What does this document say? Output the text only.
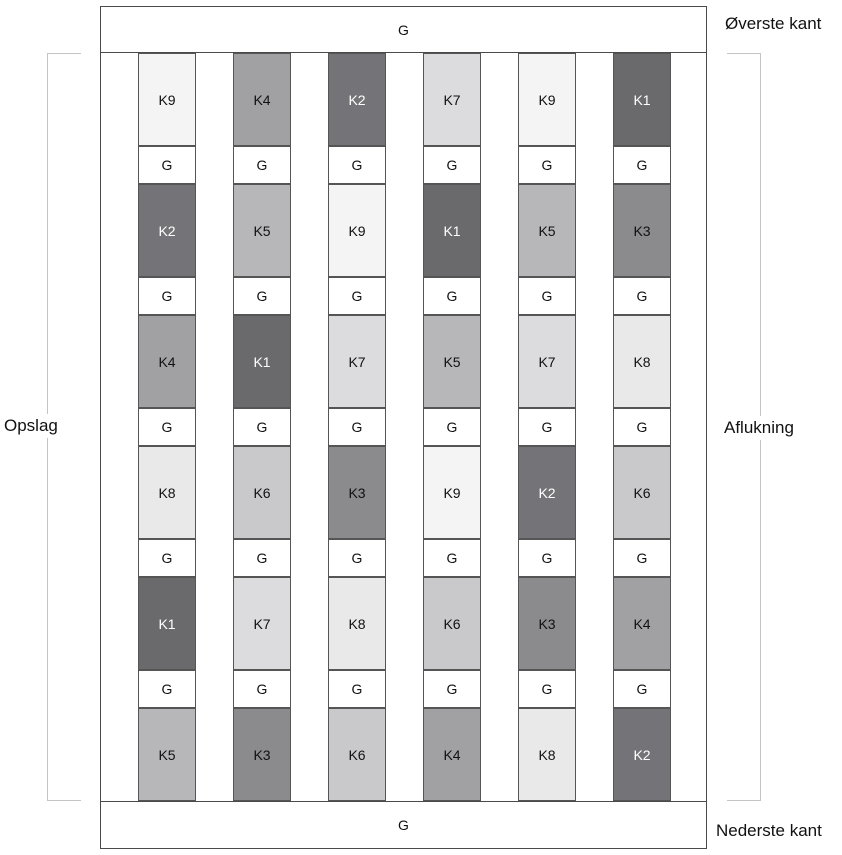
G
G
Øverste kant
Nederste kant
Opslag	Aflukning
K9	K4	K2	K7	K9	K1
G	G	G	G	G	G
K2	K5	K9	K1	K5	K3
G	G	G	G	G	G
K4	K1	K7	K5	K7	K8
G	G	G	G	G	G
K8	K6	K3	K9	K2	K6
G	G	G	G	G	G
K1	K7	K8	K6	K3	K4
G	G	G	G	G	G
K5	K3	K6	K4	K8	K2
